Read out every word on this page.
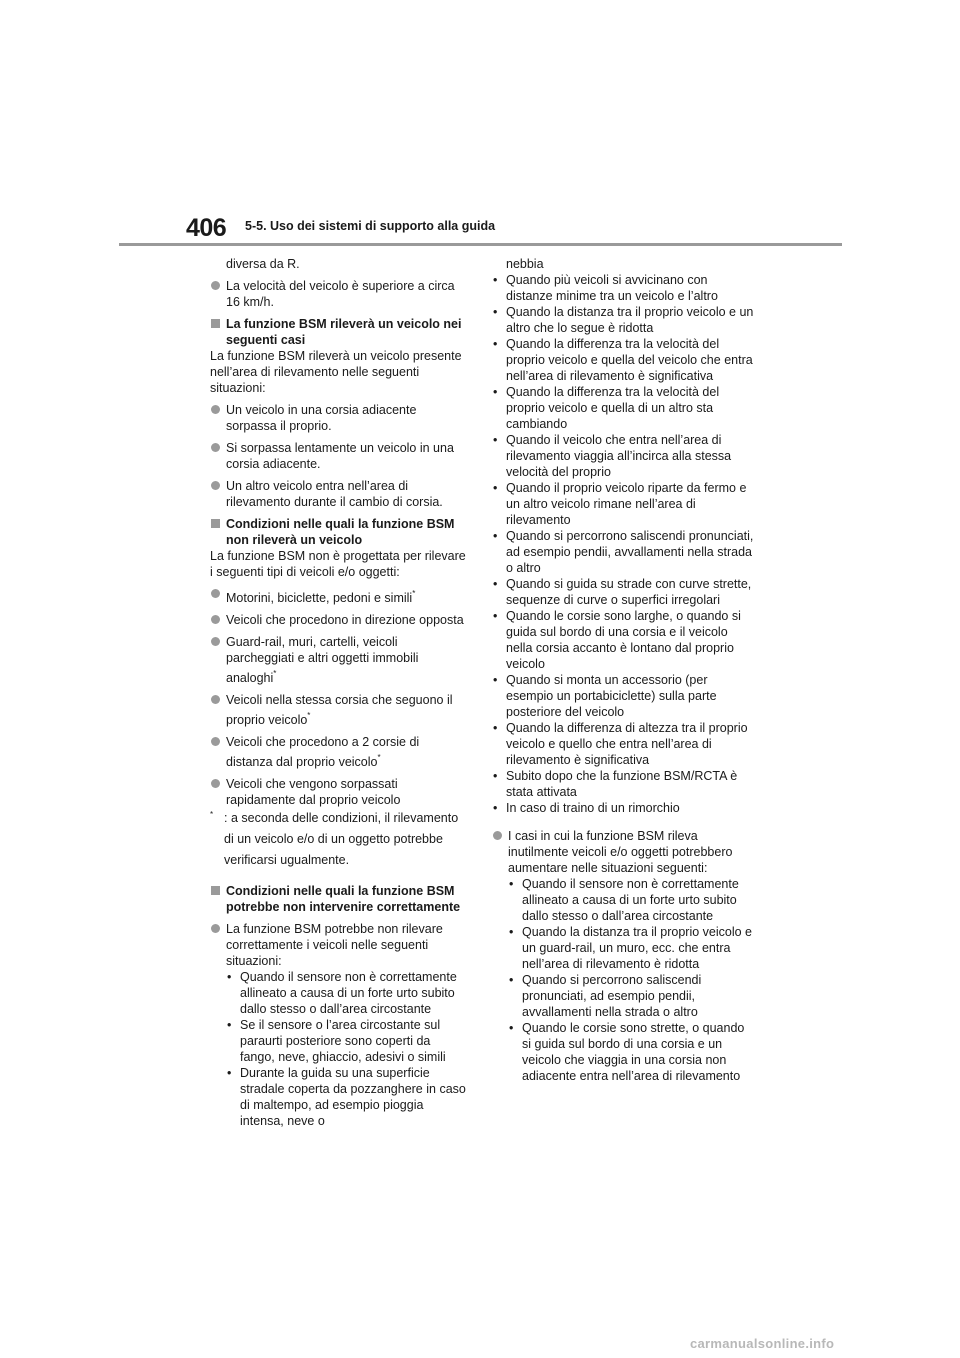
406 5-5. Uso dei sistemi di supporto alla guida
diversa da R.
La velocità del veicolo è superiore a circa 16 km/h.
La funzione BSM rileverà un veicolo nei seguenti casi
La funzione BSM rileverà un veicolo presente nell’area di rilevamento nelle seguenti situazioni:
Un veicolo in una corsia adiacente sorpassa il proprio.
Si sorpassa lentamente un veicolo in una corsia adiacente.
Un altro veicolo entra nell’area di rilevamento durante il cambio di corsia.
Condizioni nelle quali la funzione BSM non rileverà un veicolo
La funzione BSM non è progettata per rilevare i seguenti tipi di veicoli e/o oggetti:
Motorini, biciclette, pedoni e simili*
Veicoli che procedono in direzione opposta
Guard-rail, muri, cartelli, veicoli parcheggiati e altri oggetti immobili analoghi*
Veicoli nella stessa corsia che seguono il proprio veicolo*
Veicoli che procedono a 2 corsie di distanza dal proprio veicolo*
Veicoli che vengono sorpassati rapidamente dal proprio veicolo
* : a seconda delle condizioni, il rilevamento di un veicolo e/o di un oggetto potrebbe verificarsi ugualmente.
Condizioni nelle quali la funzione BSM potrebbe non intervenire correttamente
La funzione BSM potrebbe non rilevare correttamente i veicoli nelle seguenti situazioni:
• Quando il sensore non è correttamente allineato a causa di un forte urto subito dallo stesso o dall’area circostante
• Se il sensore o l’area circostante sul paraurti posteriore sono coperti da fango, neve, ghiaccio, adesivi o simili
• Durante la guida su una superficie stradale coperta da pozzanghere in caso di maltempo, ad esempio pioggia intensa, neve o
nebbia
• Quando più veicoli si avvicinano con distanze minime tra un veicolo e l’altro
• Quando la distanza tra il proprio veicolo e un altro che lo segue è ridotta
• Quando la differenza tra la velocità del proprio veicolo e quella del veicolo che entra nell’area di rilevamento è significativa
• Quando la differenza tra la velocità del proprio veicolo e quella di un altro sta cambiando
• Quando il veicolo che entra nell’area di rilevamento viaggia all’incirca alla stessa velocità del proprio
• Quando il proprio veicolo riparte da fermo e un altro veicolo rimane nell’area di rilevamento
• Quando si percorrono saliscendi pronunciati, ad esempio pendii, avvallamenti nella strada o altro
• Quando si guida su strade con curve strette, sequenze di curve o superfici irregolari
• Quando le corsie sono larghe, o quando si guida sul bordo di una corsia e il veicolo nella corsia accanto è lontano dal proprio veicolo
• Quando si monta un accessorio (per esempio un portabiciclette) sulla parte posteriore del veicolo
• Quando la differenza di altezza tra il proprio veicolo e quello che entra nell’area di rilevamento è significativa
• Subito dopo che la funzione BSM/RCTA è stata attivata
• In caso di traino di un rimorchio
I casi in cui la funzione BSM rileva inutilmente veicoli e/o oggetti potrebbero aumentare nelle situazioni seguenti:
• Quando il sensore non è correttamente allineato a causa di un forte urto subito dallo stesso o dall’area circostante
• Quando la distanza tra il proprio veicolo e un guard-rail, un muro, ecc. che entra nell’area di rilevamento è ridotta
• Quando si percorrono saliscendi pronunciati, ad esempio pendii, avvallamenti nella strada o altro
• Quando le corsie sono strette, o quando si guida sul bordo di una corsia e un veicolo che viaggia in una corsia non adiacente entra nell’area di rilevamento
carmanualsonline.info
